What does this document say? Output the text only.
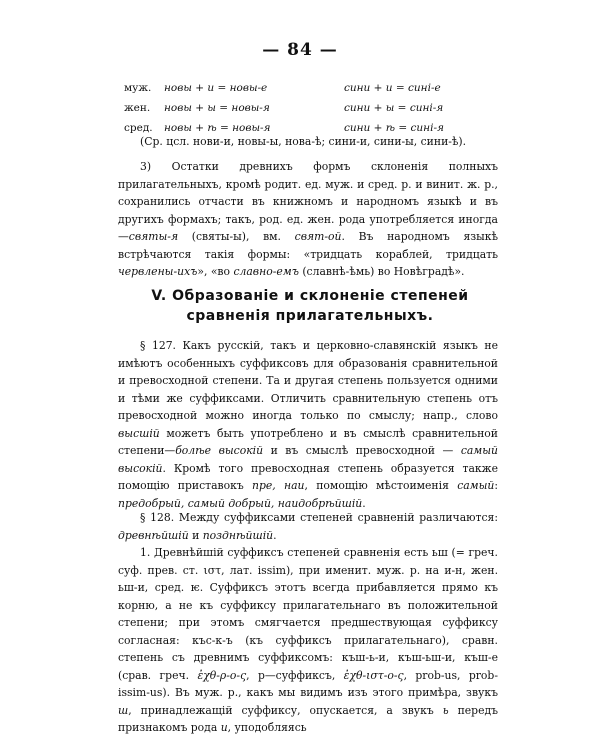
— 84 —
муж.	новы + и = новы-е	сини + и = сині-е
жен.	новы + ы = новы-я	сини + ы = сині-я
сред.	новы + ѣ = новы-я	сини + ѣ = сині-я

(Ср. цсл. нови-и, новы-ы, нова-ѣ; сини-и, сини-ы, сини-ѣ).

3) Остатки древнихъ формъ склоненія полныхъ прилагательныхъ, кромѣ родит. ед. муж. и сред. р. и винит. ж. р., сохранились отчасти въ книжномъ и народномъ языкѣ и въ другихъ формахъ; такъ, род. ед. жен. рода употребляется иногда—святы-я (святы-ы), вм. свят-ой. Въ народномъ языкѣ встрѣчаются такія формы: «тридцать кораблей, тридцать червлены-ихъ», «во славно-емъ (славнѣ-ѣмь) во Новѣградѣ».

V. Образованіе и склоненіе степеней сравненія прилагательныхъ.

§ 127. Какъ русскій, такъ и церковно-славянскій языкъ не имѣютъ особенныхъ суффиксовъ для образованія сравнительной и превосходной степени. Та и другая степень пользуется одними и тѣми же суффиксами. Отличить сравнительную степень отъ превосходной можно иногда только по смыслу; напр., слово высшій можетъ быть употреблено и въ смыслѣ сравнительной степени—болѣе высокій и въ смыслѣ превосходной — самый высокій. Кромѣ того превосходная степень образуется также помощію приставокъ пре, наи, помощію мѣстоименія самый: предобрый, самый добрый, наидобрѣйшій.

§ 128. Между суффиксами степеней сравненій различаются: древнѣйшій и позднѣйшій.

1. Древнѣйшій суффиксъ степеней сравненія есть ьш (= греч. суф. прев. ст. ιστ, лат. issim), при именит. муж. р. на и-н, жен. ьш-и, сред. ѥ. Суффиксъ этотъ всегда прибавляется прямо къ корню, а не къ суффиксу прилагательнаго въ положительной степени; при этомъ смягчается предшествующая суффиксу согласная: къс-к-ъ (къ суффиксъ прилагательнаго), сравн. степень съ древнимъ суффиксомъ: къш-ь-и, къш-ьш-и, къш-е (срав. греч. ἐχθ-ρ-ο-ς, р—суффиксъ, ἐχθ-ιστ-ο-ς, prob-us, prob-issim-us). Въ муж. р., какъ мы видимъ изъ этого примѣра, звукъ ш, принадлежащій суффиксу, опускается, а звукъ ь передъ признакомъ рода и, уподобляясь
